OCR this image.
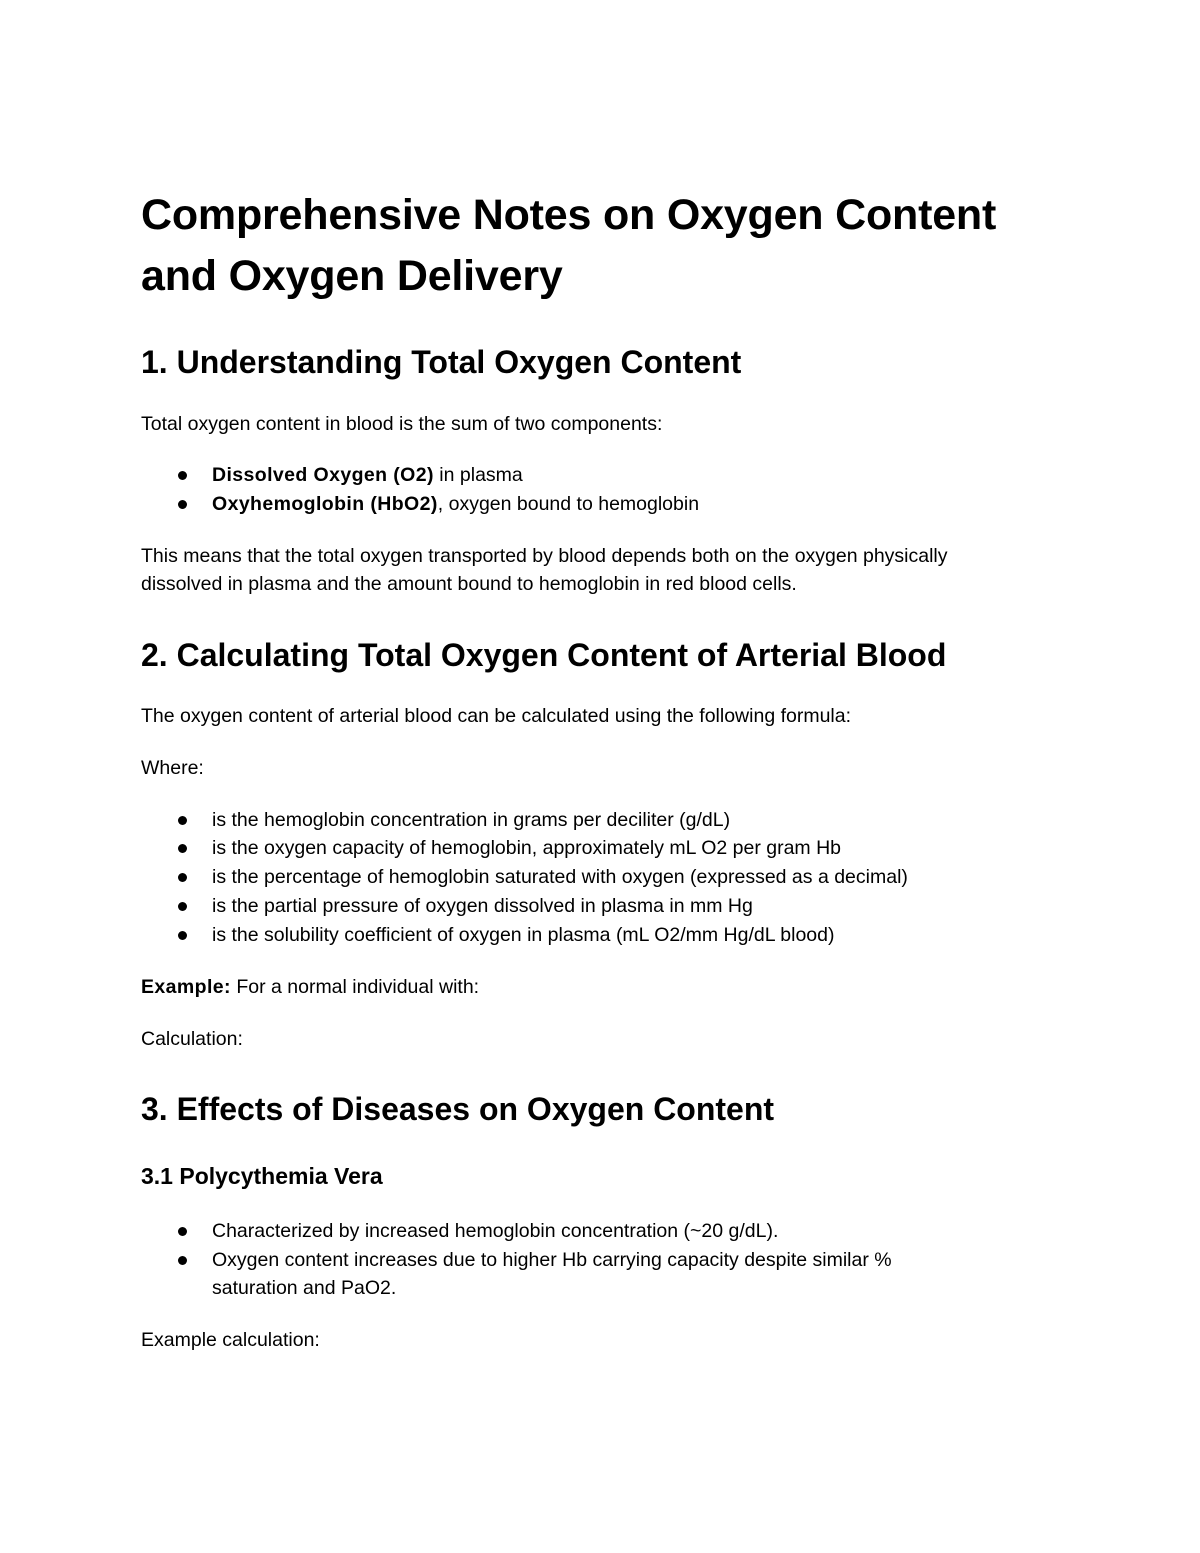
Comprehensive Notes on Oxygen Content
and Oxygen Delivery
1. Understanding Total Oxygen Content

Total oxygen content in blood is the sum of two components:

Dissolved Oxygen (O2) in plasma

Oxyhemoglobin (HbO2), oxygen bound to hemoglobin

This means that the total oxygen transported by blood depends both on the oxygen physically

dissolved in plasma and the amount bound to hemoglobin in red blood cells.

2. Calculating Total Oxygen Content of Arterial Blood

The oxygen content of arterial blood can be calculated using the following formula:

Where:

is the hemoglobin concentration in grams per deciliter (g/dL)

is the oxygen capacity of hemoglobin, approximately mL O2 per gram Hb

is the percentage of hemoglobin saturated with oxygen (expressed as a decimal)

is the partial pressure of oxygen dissolved in plasma in mm Hg

is the solubility coefficient of oxygen in plasma (mL O2/mm Hg/dL blood)

Example: For a normal individual with:

Calculation:

3. Effects of Diseases on Oxygen Content
3.1 Polycythemia Vera

Characterized by increased hemoglobin concentration (~20 g/dL).

Oxygen content increases due to higher Hb carrying capacity despite similar %

saturation and PaO2.

Example calculation:
